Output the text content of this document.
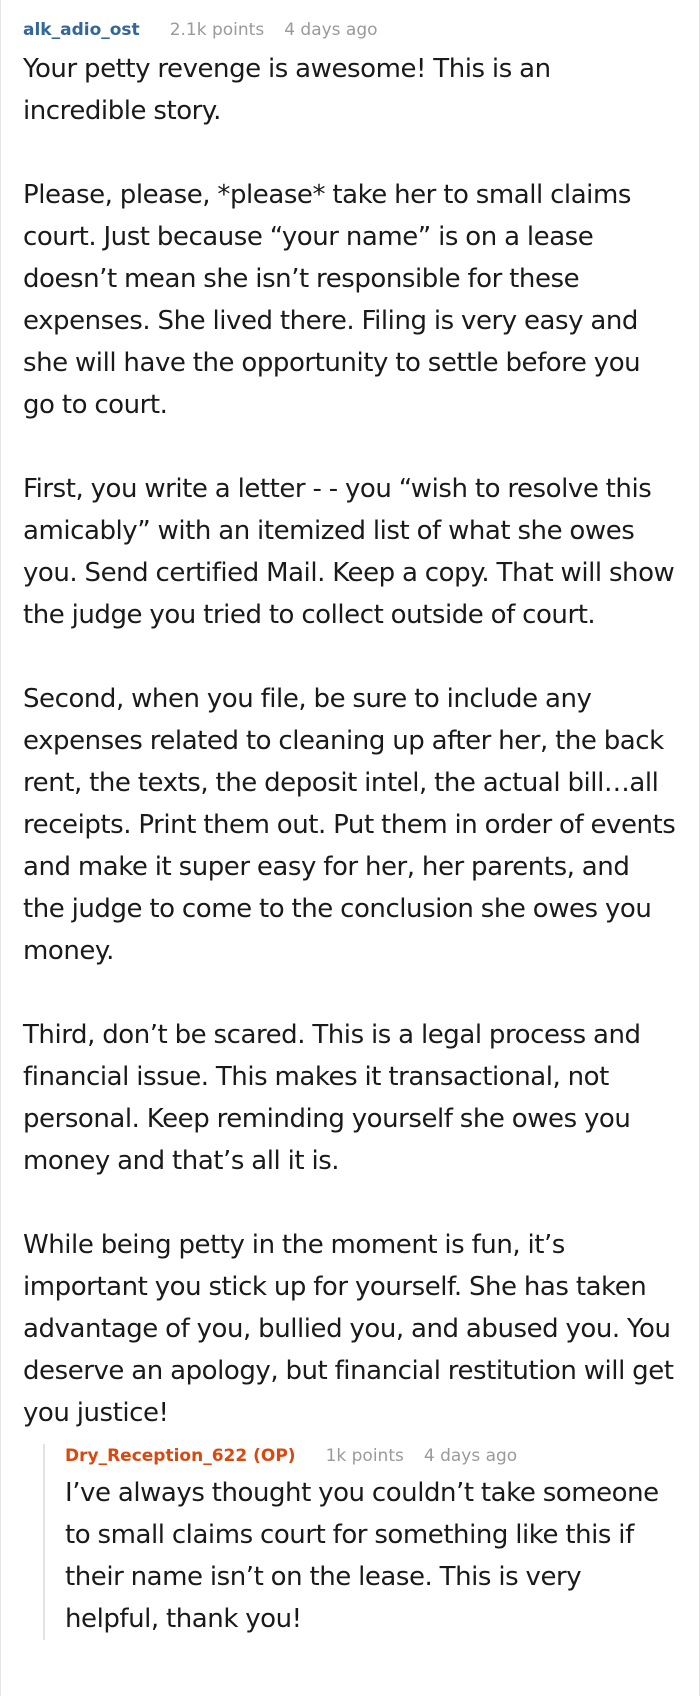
alk_adio_ost 2.1k points 4 days ago

Your petty revenge is awesome! This is an incredible story.

Please, please, *please* take her to small claims court. Just because “your name” is on a lease doesn’t mean she isn’t responsible for these expenses. She lived there. Filing is very easy and she will have the opportunity to settle before you go to court.

First, you write a letter - - you “wish to resolve this amicably” with an itemized list of what she owes you. Send certified Mail. Keep a copy. That will show the judge you tried to collect outside of court.

Second, when you file, be sure to include any expenses related to cleaning up after her, the back rent, the texts, the deposit intel, the actual bill…all receipts. Print them out. Put them in order of events and make it super easy for her, her parents, and the judge to come to the conclusion she owes you money.

Third, don’t be scared. This is a legal process and financial issue. This makes it transactional, not personal. Keep reminding yourself she owes you money and that’s all it is.

While being petty in the moment is fun, it’s important you stick up for yourself. She has taken advantage of you, bullied you, and abused you. You deserve an apology, but financial restitution will get you justice!

Dry_Reception_622 (OP) 1k points 4 days ago

I’ve always thought you couldn’t take someone to small claims court for something like this if their name isn’t on the lease. This is very helpful, thank you!
